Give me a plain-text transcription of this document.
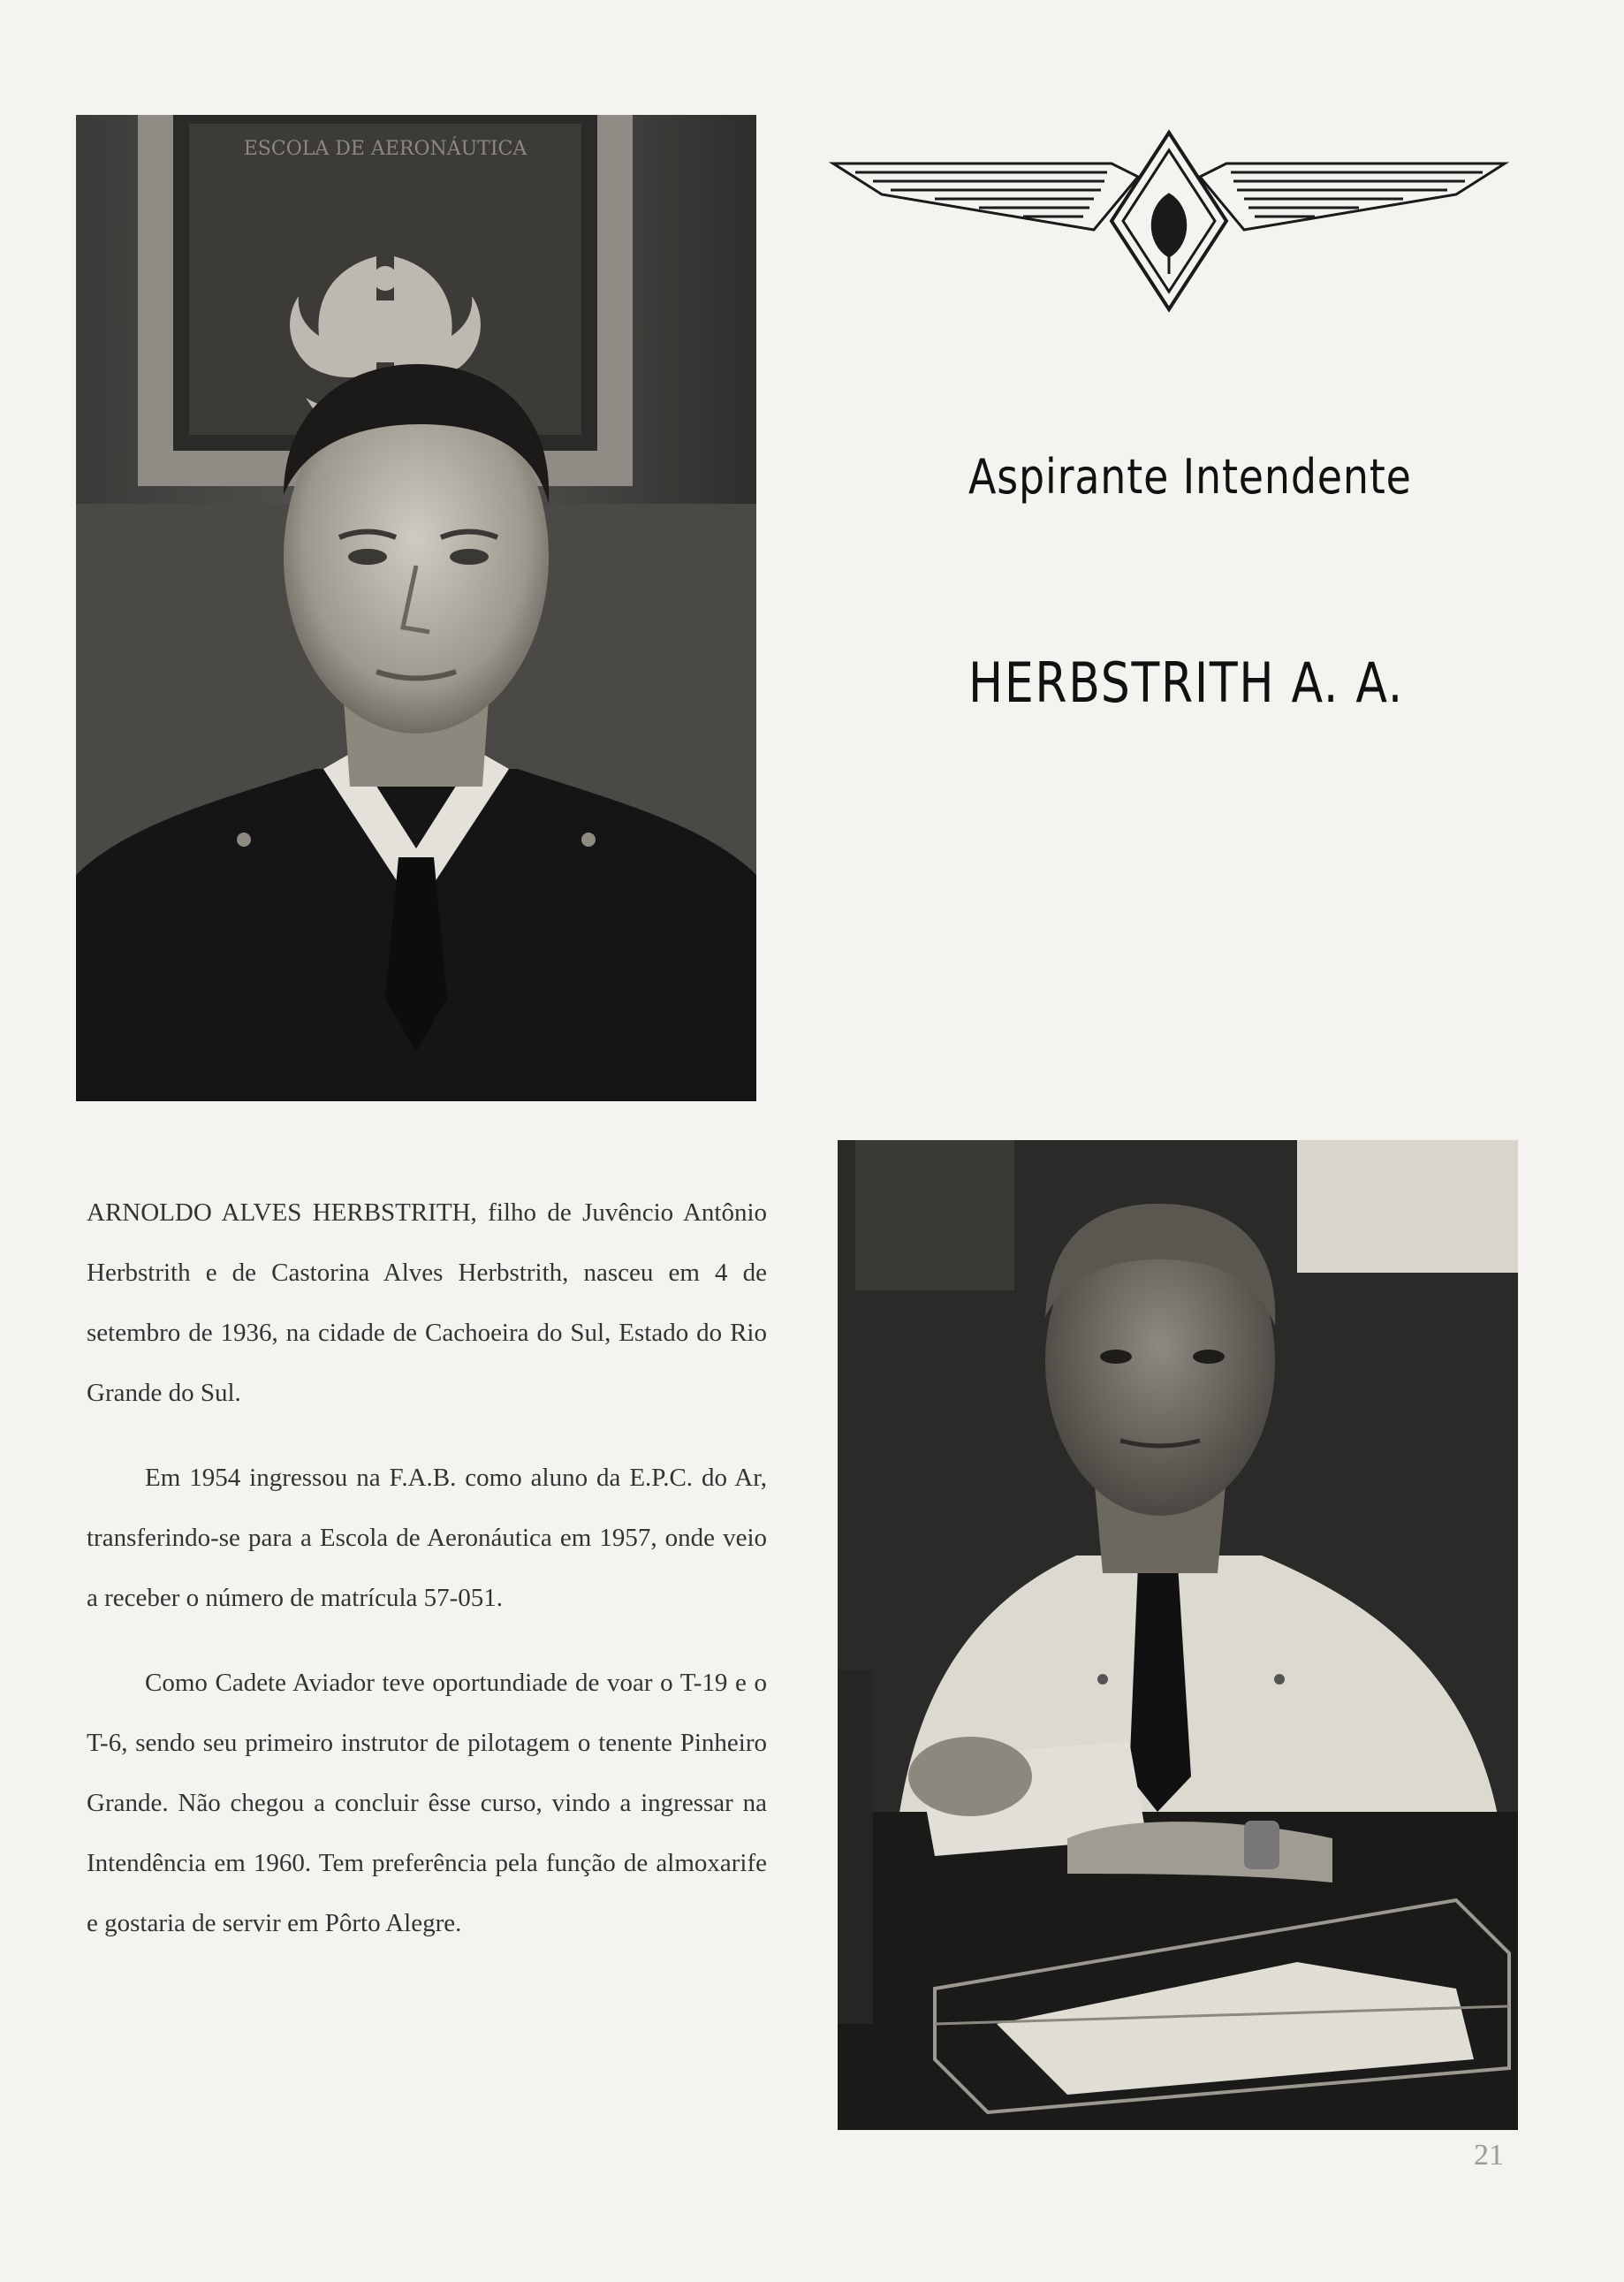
ESCOLA DE AERONÁUTICA
Aspirante Intendente
HERBSTRITH A. A.

ARNOLDO ALVES HERBSTRITH, filho de Juvêncio Antônio Herbstrith e de Castorina Alves Herbstrith, nasceu em 4 de setembro de 1936, na cidade de Cachoeira do Sul, Estado do Rio Grande do Sul.

Em 1954 ingressou na F.A.B. como aluno da E.P.C. do Ar, transferindo-se para a Escola de Aeronáutica em 1957, onde veio a receber o número de matrícula 57-051.

Como Cadete Aviador teve oportundiade de voar o T-19 e o T-6, sendo seu primeiro instrutor de pilotagem o tenente Pinheiro Grande. Não chegou a concluir êsse curso, vindo a ingressar na Intendência em 1960. Tem preferência pela função de almoxarife e gostaria de servir em Pôrto Alegre.

21
